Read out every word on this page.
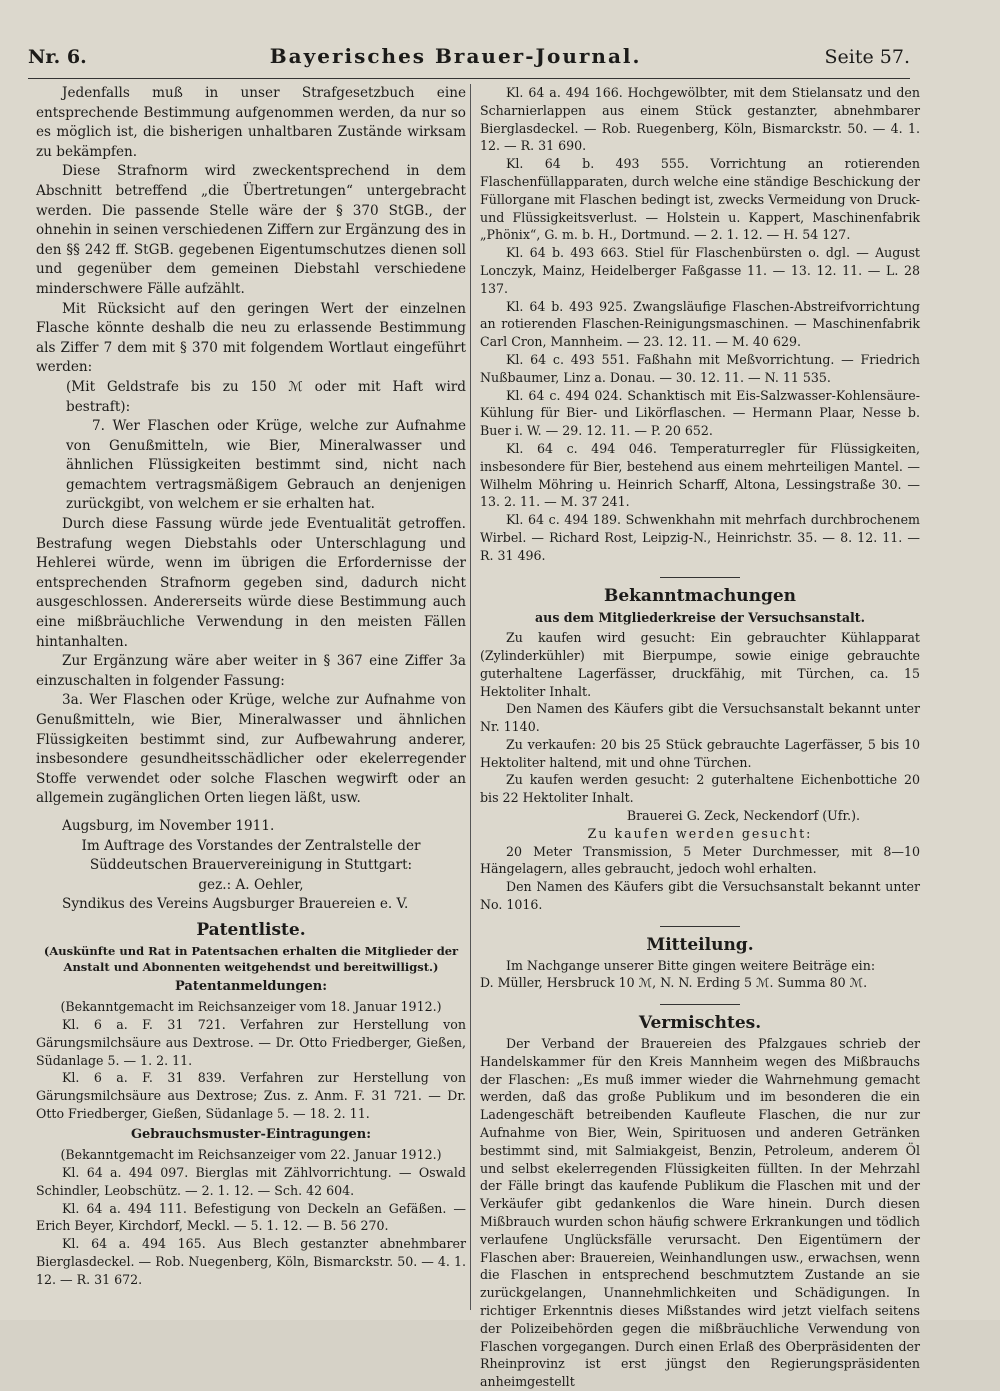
Nr. 6.	Bayerisches Brauer-Journal.	Seite 57.

Jedenfalls muß in unser Strafgesetzbuch eine entsprechende Bestimmung aufgenommen werden, da nur so es möglich ist, die bisherigen unhaltbaren Zustände wirksam zu bekämpfen.

Diese Strafnorm wird zweckentsprechend in dem Abschnitt betreffend „die Übertretungen“ untergebracht werden. Die passende Stelle wäre der § 370 StGB., der ohnehin in seinen verschiedenen Ziffern zur Ergänzung des in den §§ 242 ff. StGB. gegebenen Eigentumschutzes dienen soll und gegenüber dem gemeinen Diebstahl verschiedene minderschwere Fälle aufzählt.

Mit Rücksicht auf den geringen Wert der einzelnen Flasche könnte deshalb die neu zu erlassende Bestimmung als Ziffer 7 dem mit § 370 mit folgendem Wortlaut eingeführt werden:

(Mit Geldstrafe bis zu 150 ℳ oder mit Haft wird bestraft):

7. Wer Flaschen oder Krüge, welche zur Aufnahme von Genußmitteln, wie Bier, Mineralwasser und ähnlichen Flüssigkeiten bestimmt sind, nicht nach gemachtem vertragsmäßigem Gebrauch an denjenigen zurückgibt, von welchem er sie erhalten hat.

Durch diese Fassung würde jede Eventualität getroffen. Bestrafung wegen Diebstahls oder Unterschlagung und Hehlerei würde, wenn im übrigen die Erfordernisse der entsprechenden Strafnorm gegeben sind, dadurch nicht ausgeschlossen. Andererseits würde diese Bestimmung auch eine mißbräuchliche Verwendung in den meisten Fällen hintanhalten.

Zur Ergänzung wäre aber weiter in § 367 eine Ziffer 3a einzuschalten in folgender Fassung:

3a. Wer Flaschen oder Krüge, welche zur Aufnahme von Genußmitteln, wie Bier, Mineralwasser und ähnlichen Flüssigkeiten bestimmt sind, zur Aufbewahrung anderer, insbesondere gesundheitsschädlicher oder ekelerregender Stoffe verwendet oder solche Flaschen wegwirft oder an allgemein zugänglichen Orten liegen läßt, usw.

Augsburg, im November 1911.

Im Auftrage des Vorstandes der Zentralstelle der Süddeutschen Brauervereinigung in Stuttgart:

gez.: A. Oehler,

Syndikus des Vereins Augsburger Brauereien e. V.

Patentliste.

(Auskünfte und Rat in Patentsachen erhalten die Mitglieder der Anstalt und Abonnenten weitgehendst und bereitwilligst.)

Patentanmeldungen:

(Bekanntgemacht im Reichsanzeiger vom 18. Januar 1912.)

Kl. 6 a. F. 31 721. Verfahren zur Herstellung von Gärungsmilchsäure aus Dextrose. — Dr. Otto Friedberger, Gießen, Südanlage 5. — 1. 2. 11.

Kl. 6 a. F. 31 839. Verfahren zur Herstellung von Gärungsmilchsäure aus Dextrose; Zus. z. Anm. F. 31 721. — Dr. Otto Friedberger, Gießen, Südanlage 5. — 18. 2. 11.

Gebrauchsmuster-Eintragungen:

(Bekanntgemacht im Reichsanzeiger vom 22. Januar 1912.)

Kl. 64 a. 494 097. Bierglas mit Zählvorrichtung. — Oswald Schindler, Leobschütz. — 2. 1. 12. — Sch. 42 604.

Kl. 64 a. 494 111. Befestigung von Deckeln an Gefäßen. — Erich Beyer, Kirchdorf, Meckl. — 5. 1. 12. — B. 56 270.

Kl. 64 a. 494 165. Aus Blech gestanzter abnehmbarer Bierglasdeckel. — Rob. Nuegenberg, Köln, Bismarckstr. 50. — 4. 1. 12. — R. 31 672.

Kl. 64 a. 494 166. Hochgewölbter, mit dem Stielansatz und den Scharnierlappen aus einem Stück gestanzter, abnehmbarer Bierglasdeckel. — Rob. Ruegenberg, Köln, Bismarckstr. 50. — 4. 1. 12. — R. 31 690.

Kl. 64 b. 493 555. Vorrichtung an rotierenden Flaschenfüllapparaten, durch welche eine ständige Beschickung der Füllorgane mit Flaschen bedingt ist, zwecks Vermeidung von Druck- und Flüssigkeitsverlust. — Holstein u. Kappert, Maschinenfabrik „Phönix“, G. m. b. H., Dortmund. — 2. 1. 12. — H. 54 127.

Kl. 64 b. 493 663. Stiel für Flaschenbürsten o. dgl. — August Lonczyk, Mainz, Heidelberger Faßgasse 11. — 13. 12. 11. — L. 28 137.

Kl. 64 b. 493 925. Zwangsläufige Flaschen-Abstreifvorrichtung an rotierenden Flaschen-Reinigungsmaschinen. — Maschinenfabrik Carl Cron, Mannheim. — 23. 12. 11. — M. 40 629.

Kl. 64 c. 493 551. Faßhahn mit Meßvorrichtung. — Friedrich Nußbaumer, Linz a. Donau. — 30. 12. 11. — N. 11 535.

Kl. 64 c. 494 024. Schanktisch mit Eis-Salzwasser-Kohlensäure-Kühlung für Bier- und Likörflaschen. — Hermann Plaar, Nesse b. Buer i. W. — 29. 12. 11. — P. 20 652.

Kl. 64 c. 494 046. Temperaturregler für Flüssigkeiten, insbesondere für Bier, bestehend aus einem mehrteiligen Mantel. — Wilhelm Möhring u. Heinrich Scharff, Altona, Lessingstraße 30. — 13. 2. 11. — M. 37 241.

Kl. 64 c. 494 189. Schwenkhahn mit mehrfach durchbrochenem Wirbel. — Richard Rost, Leipzig-N., Heinrichstr. 35. — 8. 12. 11. — R. 31 496.

Bekanntmachungen
aus dem Mitgliederkreise der Versuchsanstalt.

Zu kaufen wird gesucht: Ein gebrauchter Kühlapparat (Zylinderkühler) mit Bierpumpe, sowie einige gebrauchte guterhaltene Lagerfässer, druckfähig, mit Türchen, ca. 15 Hektoliter Inhalt.

Den Namen des Käufers gibt die Versuchsanstalt bekannt unter Nr. 1140.

Zu verkaufen: 20 bis 25 Stück gebrauchte Lagerfässer, 5 bis 10 Hektoliter haltend, mit und ohne Türchen.

Zu kaufen werden gesucht: 2 guterhaltene Eichenbottiche 20 bis 22 Hektoliter Inhalt.

Brauerei G. Zeck, Neckendorf (Ufr.).

Zu kaufen werden gesucht:

20 Meter Transmission, 5 Meter Durchmesser, mit 8—10 Hängelagern, alles gebraucht, jedoch wohl erhalten.

Den Namen des Käufers gibt die Versuchsanstalt bekannt unter No. 1016.

Mitteilung.

Im Nachgange unserer Bitte gingen weitere Beiträge ein:

D. Müller, Hersbruck 10 ℳ, N. N. Erding 5 ℳ. Summa 80 ℳ.

Vermischtes.

Der Verband der Brauereien des Pfalzgaues schrieb der Handelskammer für den Kreis Mannheim wegen des Mißbrauchs der Flaschen: „Es muß immer wieder die Wahrnehmung gemacht werden, daß das große Publikum und im besonderen die ein Ladengeschäft betreibenden Kaufleute Flaschen, die nur zur Aufnahme von Bier, Wein, Spirituosen und anderen Getränken bestimmt sind, mit Salmiakgeist, Benzin, Petroleum, anderem Öl und selbst ekelerregenden Flüssigkeiten füllten. In der Mehrzahl der Fälle bringt das kaufende Publikum die Flaschen mit und der Verkäufer gibt gedankenlos die Ware hinein. Durch diesen Mißbrauch wurden schon häufig schwere Erkrankungen und tödlich verlaufene Unglücksfälle verursacht. Den Eigentümern der Flaschen aber: Brauereien, Weinhandlungen usw., erwachsen, wenn die Flaschen in entsprechend beschmutztem Zustande an sie zurückgelangen, Unannehmlichkeiten und Schädigungen. In richtiger Erkenntnis dieses Mißstandes wird jetzt vielfach seitens der Polizeibehörden gegen die mißbräuchliche Verwendung von Flaschen vorgegangen. Durch einen Erlaß des Oberpräsidenten der Rheinprovinz ist erst jüngst den Regierungspräsidenten anheimgestellt
